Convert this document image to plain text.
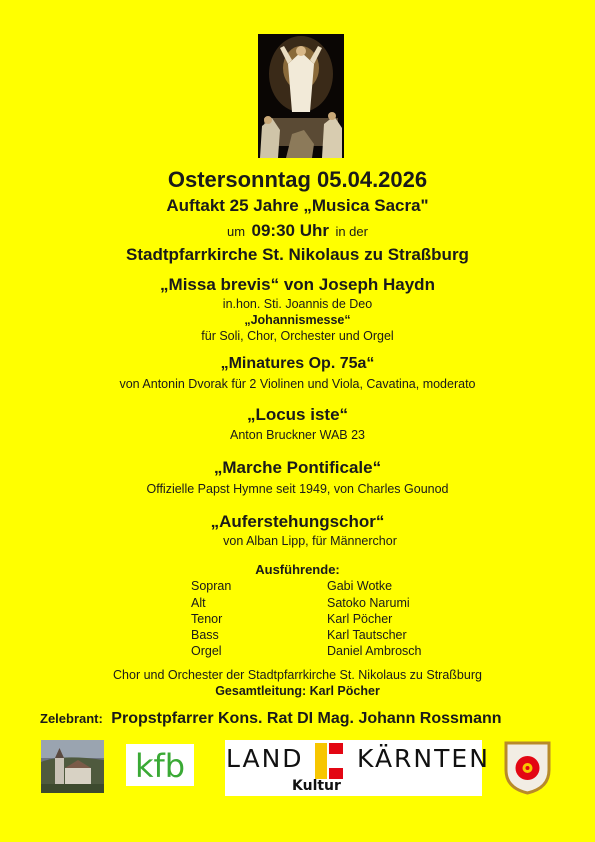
Ostersonntag 05.04.2026
Auftakt 25 Jahre „Musica Sacra"
um 09:30 Uhr in der
Stadtpfarrkirche St. Nikolaus zu Straßburg
„Missa brevis“ von Joseph Haydn
in.hon. Sti. Joannis de Deo
„Johannismesse“
für Soli, Chor, Orchester und Orgel
„Minatures Op. 75a“
von Antonin Dvorak für 2 Violinen und Viola, Cavatina, moderato
„Locus iste“
Anton Bruckner WAB 23
„Marche Pontificale“
Offizielle Papst Hymne seit 1949, von Charles Gounod
„Auferstehungschor“
von Alban Lipp, für Männerchor
Ausführende:
Sopran	Gabi Wotke
Alt	Satoko Narumi
Tenor	Karl Pöcher
Bass	Karl Tautscher
Orgel	Daniel Ambrosch
Chor und Orchester der Stadtpfarrkirche St. Nikolaus zu Straßburg
Gesamtleitung: Karl Pöcher
Zelebrant: Propstpfarrer Kons. Rat DI Mag. Johann Rossmann
kfb LAND KÄRNTEN
Kultur
